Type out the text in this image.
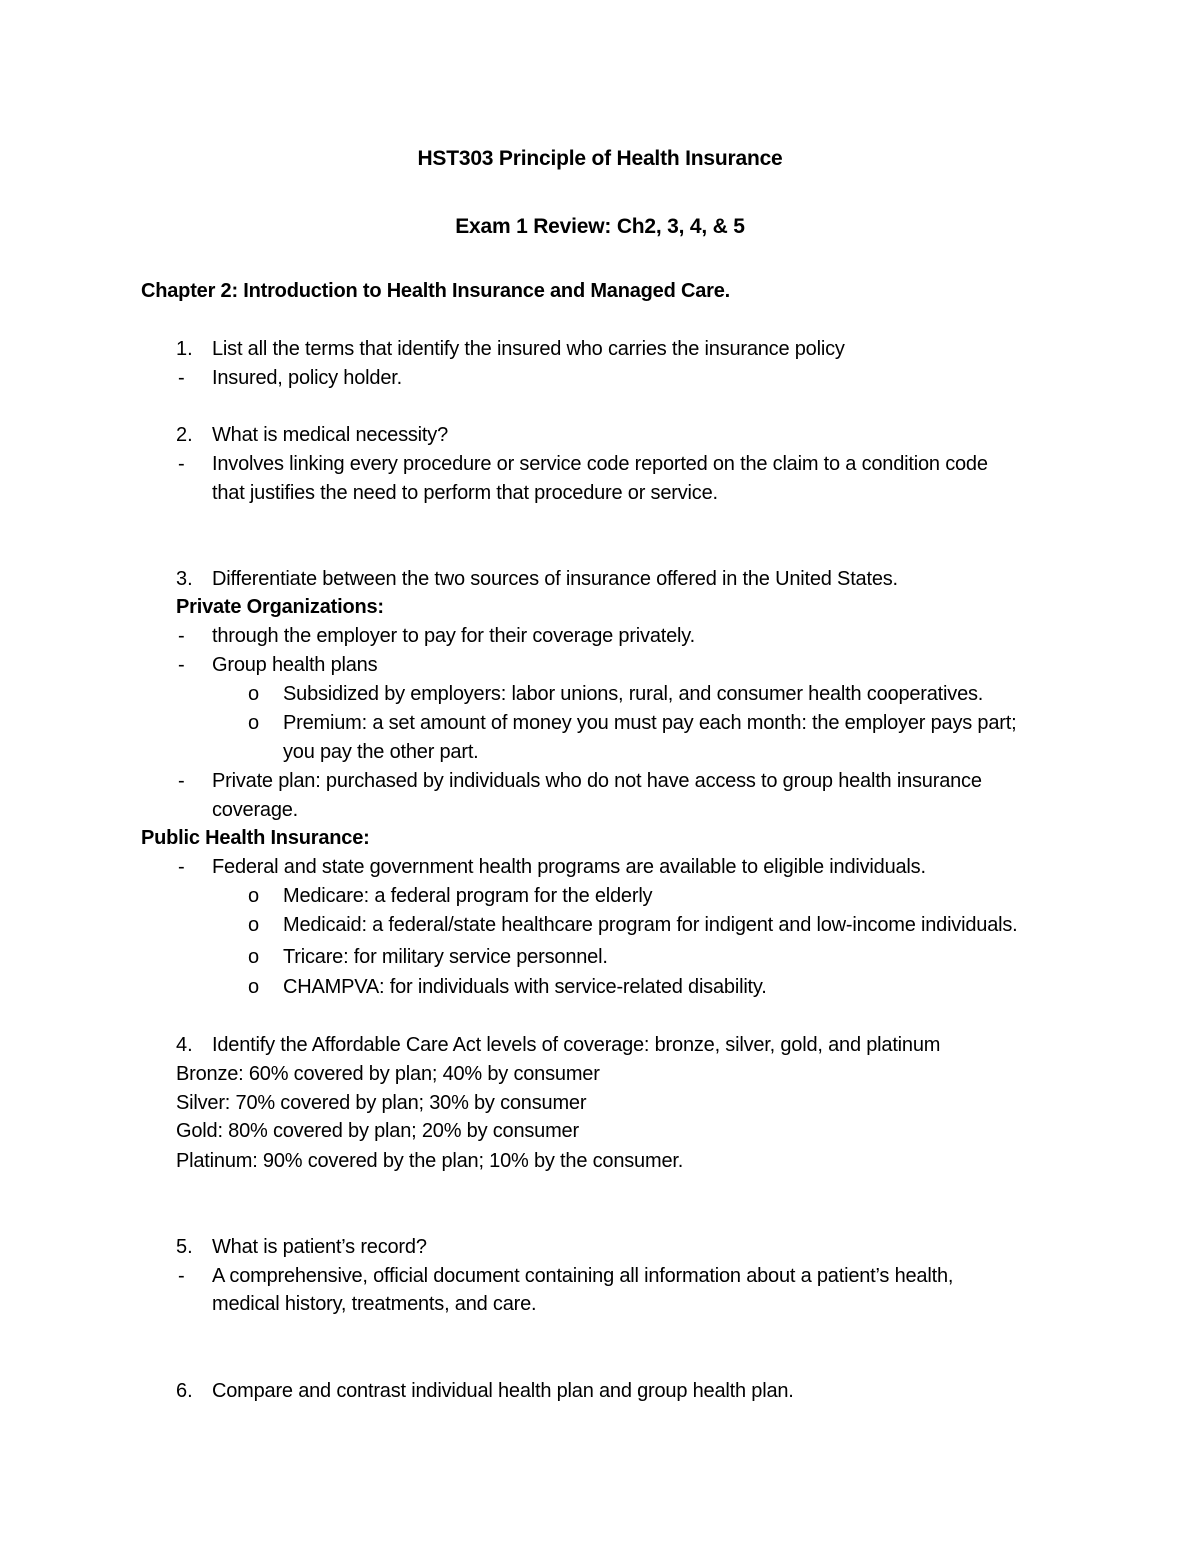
HST303 Principle of Health Insurance
Exam 1 Review: Ch2, 3, 4, & 5
Chapter 2: Introduction to Health Insurance and Managed Care.
1. List all the terms that identify the insured who carries the insurance policy
- Insured, policy holder.
2. What is medical necessity?
- Involves linking every procedure or service code reported on the claim to a condition code
that justifies the need to perform that procedure or service.
3. Differentiate between the two sources of insurance offered in the United States.
Private Organizations:
- through the employer to pay for their coverage privately.
- Group health plans
o Subsidized by employers: labor unions, rural, and consumer health cooperatives.
o Premium: a set amount of money you must pay each month: the employer pays part;
you pay the other part.
- Private plan: purchased by individuals who do not have access to group health insurance
coverage.
Public Health Insurance:
- Federal and state government health programs are available to eligible individuals.
o Medicare: a federal program for the elderly
o Medicaid: a federal/state healthcare program for indigent and low-income individuals.
o Tricare: for military service personnel.
o CHAMPVA: for individuals with service-related disability.
4. Identify the Affordable Care Act levels of coverage: bronze, silver, gold, and platinum
Bronze: 60% covered by plan; 40% by consumer
Silver: 70% covered by plan; 30% by consumer
Gold: 80% covered by plan; 20% by consumer
Platinum: 90% covered by the plan; 10% by the consumer.
5. What is patient’s record?
- A comprehensive, official document containing all information about a patient’s health,
medical history, treatments, and care.
6. Compare and contrast individual health plan and group health plan.
